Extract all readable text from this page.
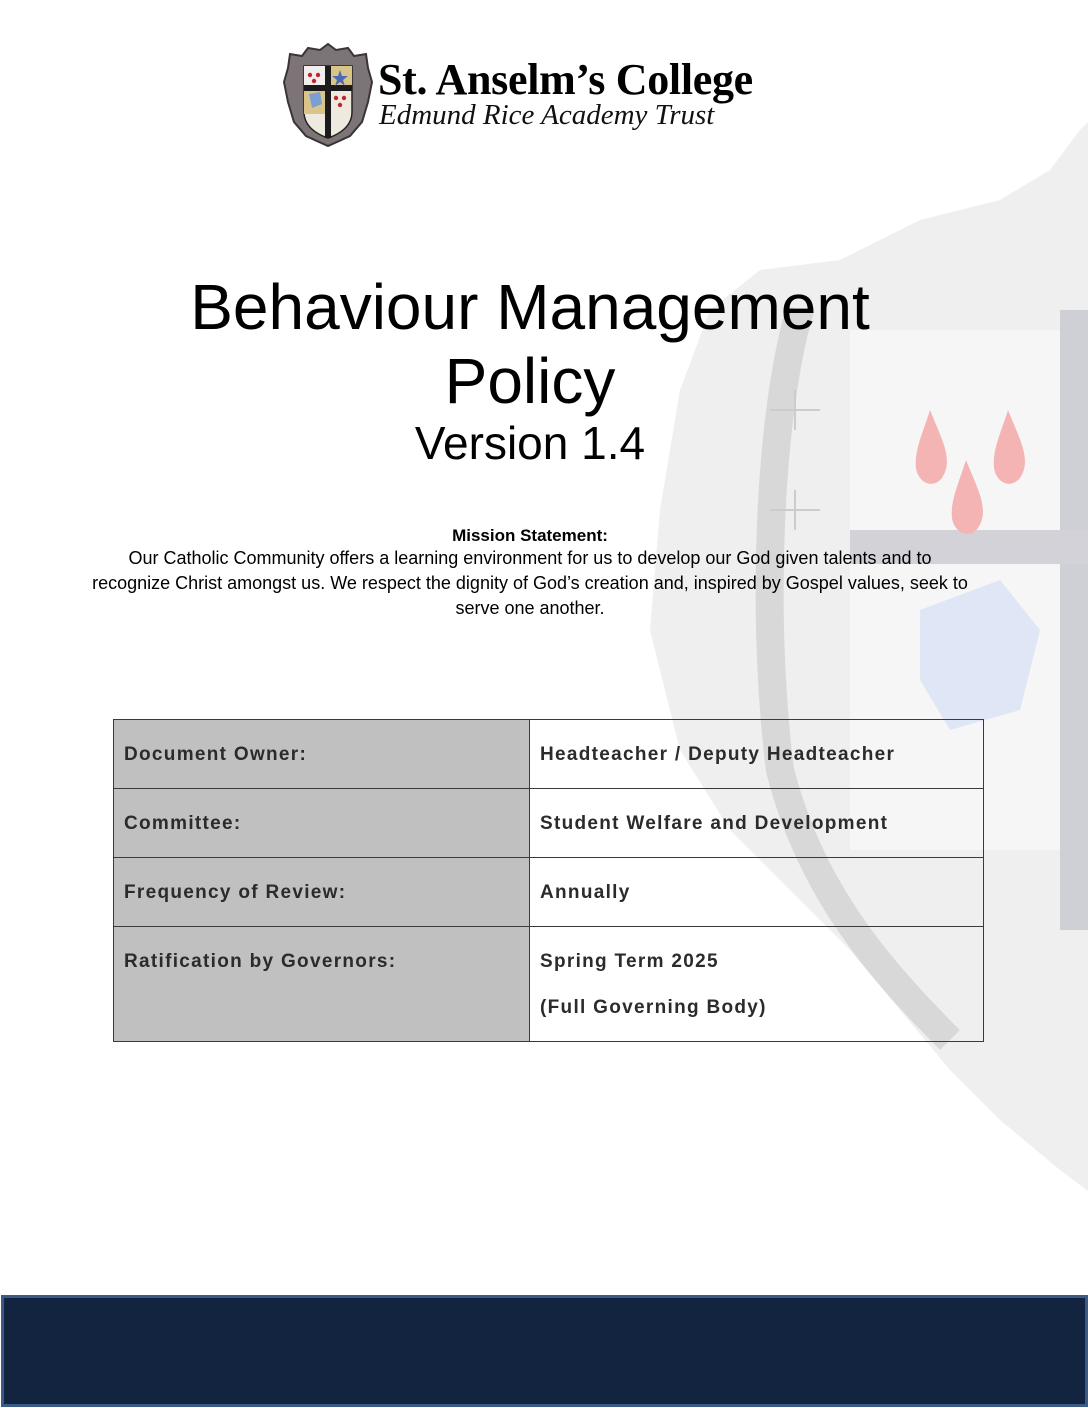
St. Anselm’s College
Edmund Rice Academy Trust
Behaviour Management
Policy
Version 1.4
Mission Statement:
Our Catholic Community offers a learning environment for us to develop our God given talents and to recognize Christ amongst us. We respect the dignity of God’s creation and, inspired by Gospel values, seek to serve one another.
Document Owner:	Headteacher / Deputy Headteacher

Committee:	Student Welfare and Development

Frequency of Review:	Annually

Ratification by Governors:	Spring Term 2025
(Full Governing Body)
